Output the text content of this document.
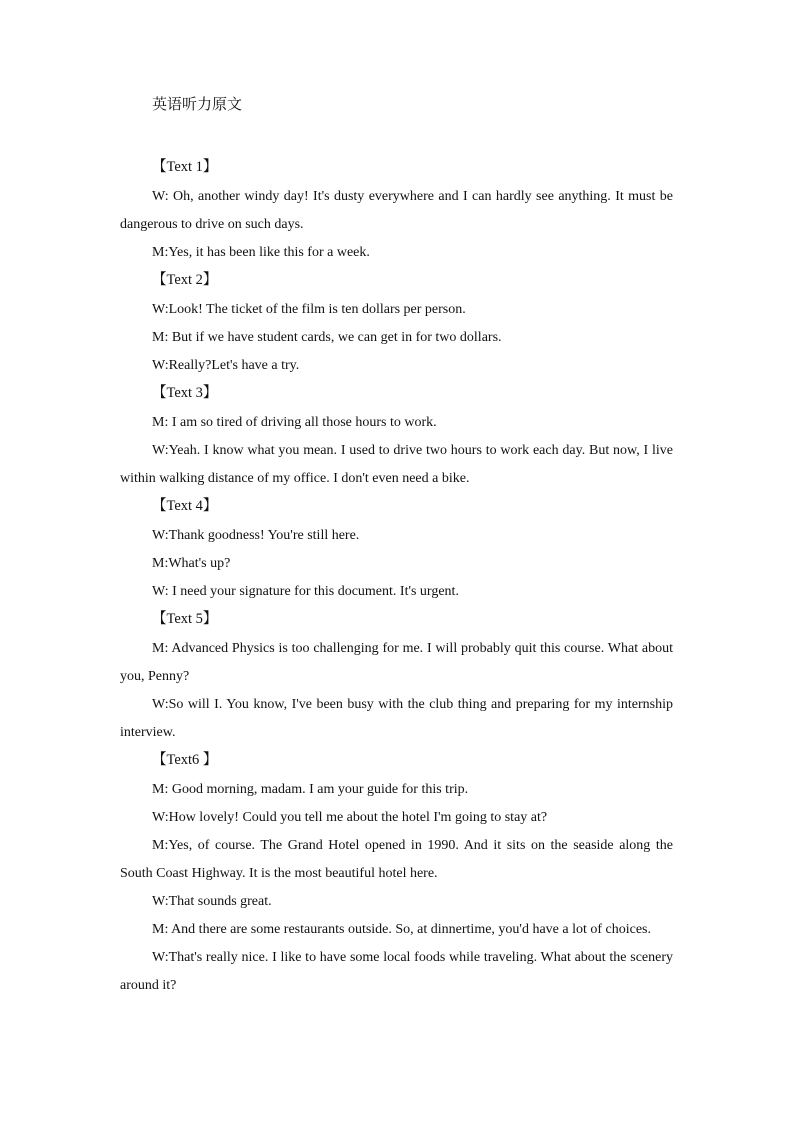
英语听力原文

【Text 1】

W: Oh, another windy day! It's dusty everywhere and I can hardly see anything. It must be dangerous to drive on such days.

M:Yes, it has been like this for a week.

【Text 2】

W:Look! The ticket of the film is ten dollars per person.

M: But if we have student cards, we can get in for two dollars.

W:Really?Let's have a try.

【Text 3】

M: I am so tired of driving all those hours to work.

W:Yeah. I know what you mean. I used to drive two hours to work each day. But now, I live within walking distance of my office. I don't even need a bike.

【Text 4】

W:Thank goodness! You're still here.

M:What's up?

W: I need your signature for this document. It's urgent.

【Text 5】

M: Advanced Physics is too challenging for me. I will probably quit this course. What about you, Penny?

W:So will I. You know, I've been busy with the club thing and preparing for my internship interview.

【Text6 】

M: Good morning, madam. I am your guide for this trip.

W:How lovely! Could you tell me about the hotel I'm going to stay at?

M:Yes, of course. The Grand Hotel opened in 1990. And it sits on the seaside along the South Coast Highway. It is the most beautiful hotel here.

W:That sounds great.

M: And there are some restaurants outside. So, at dinnertime, you'd have a lot of choices.

W:That's really nice. I like to have some local foods while traveling. What about the scenery around it?
